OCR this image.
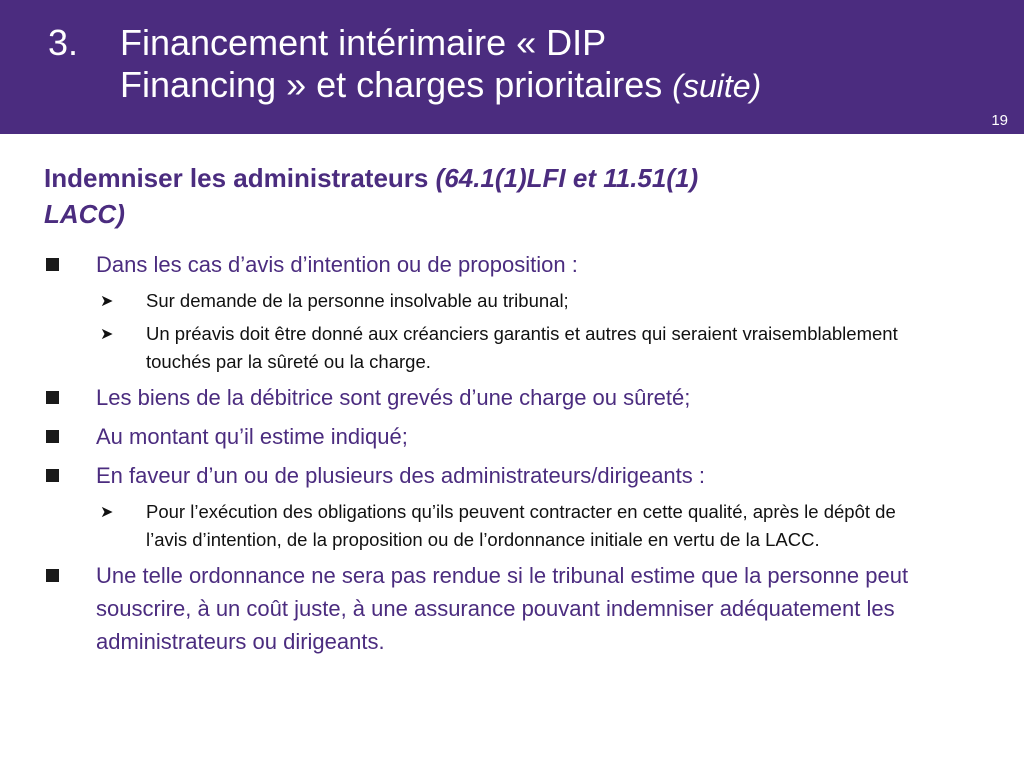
3. Financement intérimaire « DIP
Financing » et charges prioritaires (suite)
19
Indemniser les administrateurs (64.1(1)LFI et 11.51(1)
LACC)
Dans les cas d’avis d’intention ou de proposition :
➤ Sur demande de la personne insolvable au tribunal;
➤ Un préavis doit être donné aux créanciers garantis et autres qui seraient vraisemblablement touchés par la sûreté ou la charge.
Les biens de la débitrice sont grevés d’une charge ou sûreté;
Au montant qu’il estime indiqué;
En faveur d’un ou de plusieurs des administrateurs/dirigeants :
➤ Pour l’exécution des obligations qu’ils peuvent contracter en cette qualité, après le dépôt de l’avis d’intention, de la proposition ou de l’ordonnance initiale en vertu de la LACC.
Une telle ordonnance ne sera pas rendue si le tribunal estime que la personne peut souscrire, à un coût juste, à une assurance pouvant indemniser adéquatement les administrateurs ou dirigeants.
